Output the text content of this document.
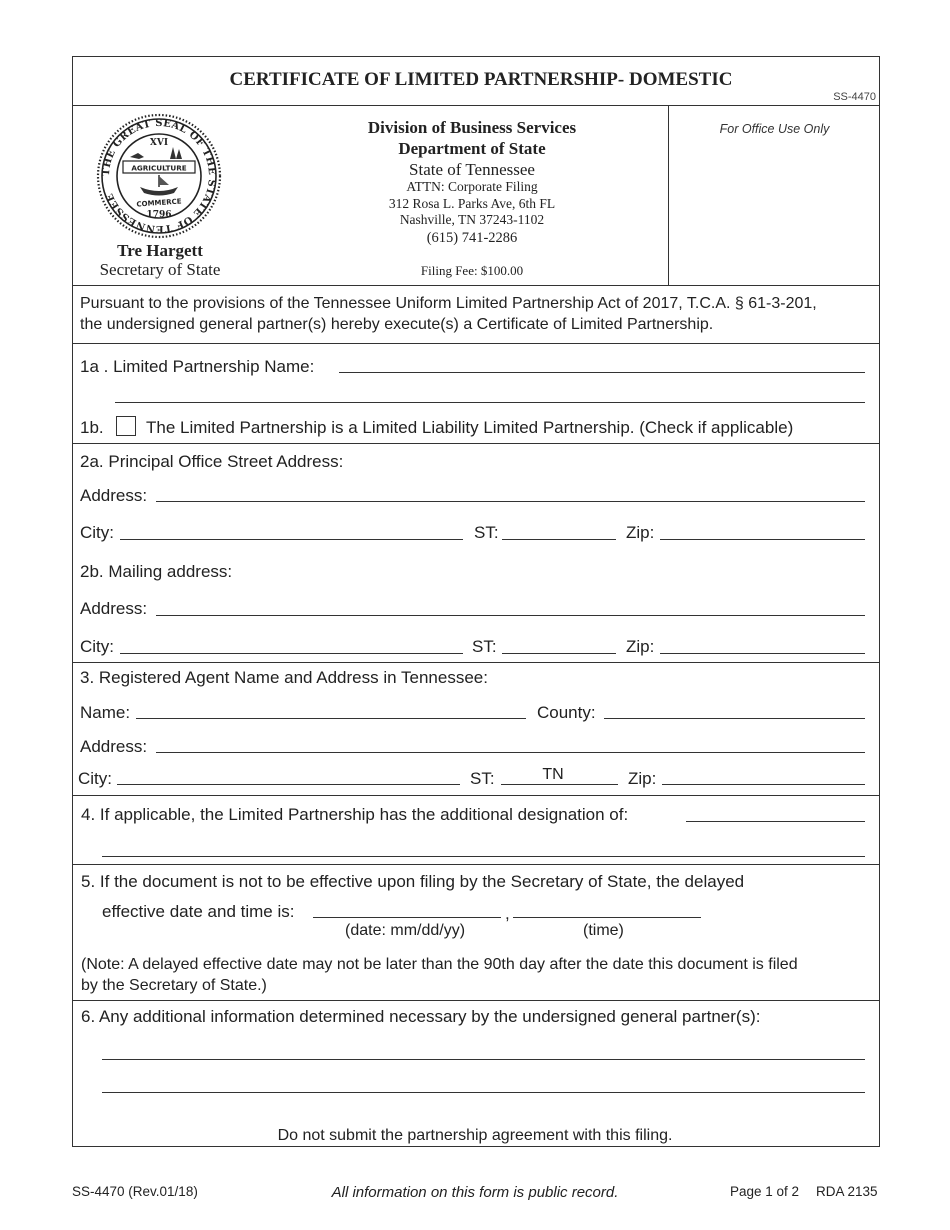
CERTIFICATE OF LIMITED PARTNERSHIP- DOMESTIC
SS-4470
THE GREAT SEAL OF THE STATE OF TENNESSEE
XVI
AGRICULTURE
COMMERCE
1796
Tre Hargett
Secretary of State
Division of Business Services
Department of State
State of Tennessee
ATTN: Corporate Filing
312 Rosa L. Parks Ave, 6th FL
Nashville, TN 37243-1102
(615) 741-2286
Filing Fee: $100.00
For Office Use Only
Pursuant to the provisions of the Tennessee Uniform Limited Partnership Act of 2017, T.C.A. § 61-3-201,
the undersigned general partner(s) hereby execute(s) a Certificate of Limited Partnership.
1a . Limited Partnership Name:
1b. The Limited Partnership is a Limited Liability Limited Partnership. (Check if applicable)
2a. Principal Office Street Address:
Address:
City:	ST:	Zip:
2b. Mailing address:
Address:
City:	ST:	Zip:
3. Registered Agent Name and Address in Tennessee:
Name:	County:
Address:
City:	ST:	TN	Zip:
4. If applicable, the Limited Partnership has the additional designation of:
5. If the document is not to be effective upon filing by the Secretary of State, the delayed
effective date and time is:	,
(date: mm/dd/yy)	(time)
(Note: A delayed effective date may not be later than the 90th day after the date this document is filed
by the Secretary of State.)
6. Any additional information determined necessary by the undersigned general partner(s):
Do not submit the partnership agreement with this filing.
SS-4470 (Rev.01/18)	All information on this form is public record.	Page 1 of 2 RDA 2135
